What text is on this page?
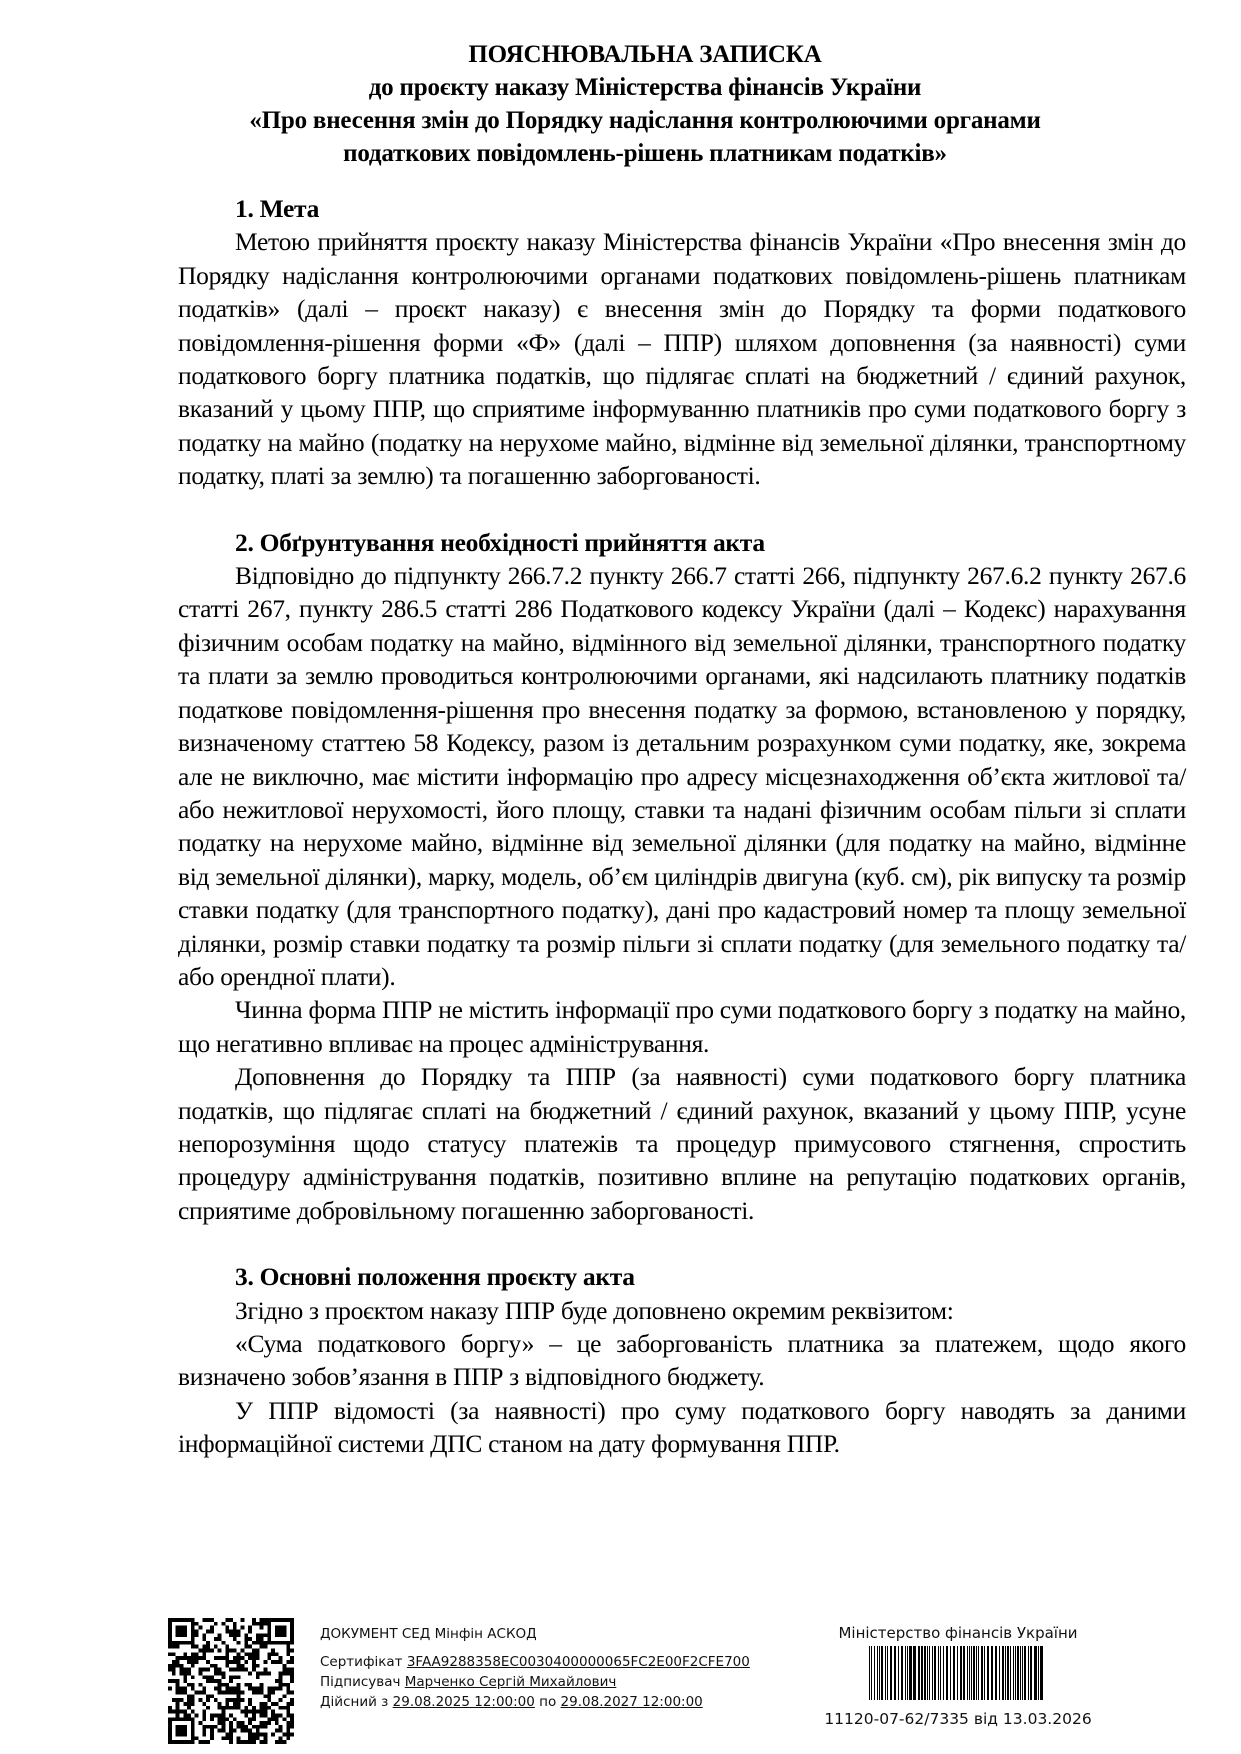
ПОЯСНЮВАЛЬНА ЗАПИСКА
до проєкту наказу Міністерства фінансів України
«Про внесення змін до Порядку надіслання контролюючими органами
податкових повідомлень-рішень платникам податків»

1. Мета

Метою прийняття проєкту наказу Міністерства фінансів України «Про внесення змін до Порядку надіслання контролюючими органами податкових повідомлень-рішень платникам податків» (далі – проєкт наказу) є внесення змін до Порядку та форми податкового повідомлення-рішення форми «Ф» (далі – ППР) шляхом доповнення (за наявності) суми податкового боргу платника податків, що підлягає сплаті на бюджетний / єдиний рахунок, вказаний у цьому ППР, що сприятиме інформуванню платників про суми податкового боргу з податку на майно (податку на нерухоме майно, відмінне від земельної ділянки, транспортному податку, платі за землю) та погашенню заборгованості.

2. Обґрунтування необхідності прийняття акта

Відповідно до підпункту 266.7.2 пункту 266.7 статті 266, підпункту 267.6.2 пункту 267.6 статті 267, пункту 286.5 статті 286 Податкового кодексу України (далі – Кодекс) нарахування фізичним особам податку на майно, відмінного від земельної ділянки, транспортного податку та плати за землю проводиться контролюючими органами, які надсилають платнику податків податкове повідомлення-рішення про внесення податку за формою, встановленою у порядку, визначеному статтею 58 Кодексу, разом із детальним розрахунком суми податку, яке, зокрема але не виключно, має містити інформацію про адресу місцезнаходження об’єкта житлової та/або нежитлової нерухомості, його площу, ставки та надані фізичним особам пільги зі сплати податку на нерухоме майно, відмінне від земельної ділянки (для податку на майно, відмінне від земельної ділянки), марку, модель, об’єм циліндрів двигуна (куб. см), рік випуску та розмір ставки податку (для транспортного податку), дані про кадастровий номер та площу земельної ділянки, розмір ставки податку та розмір пільги зі сплати податку (для земельного податку та/або орендної плати).

Чинна форма ППР не містить інформації про суми податкового боргу з податку на майно, що негативно впливає на процес адміністрування.

Доповнення до Порядку та ППР (за наявності) суми податкового боргу платника податків, що підлягає сплаті на бюджетний / єдиний рахунок, вказаний у цьому ППР, усуне непорозуміння щодо статусу платежів та процедур примусового стягнення, спростить процедуру адміністрування податків, позитивно вплине на репутацію податкових органів, сприятиме добровільному погашенню заборгованості.

3. Основні положення проєкту акта

Згідно з проєктом наказу ППР буде доповнено окремим реквізитом:

«Сума податкового боргу» – це заборгованість платника за платежем, щодо якого визначено зобов’язання в ППР з відповідного бюджету.

У ППР відомості (за наявності) про суму податкового боргу наводять за даними інформаційної системи ДПС станом на дату формування ППР.

ДОКУМЕНТ СЕД Мінфін АСКОД
Сертифікат 3FAA9288358EC0030400000065FC2E00F2CFE700
Підписувач Марченко Сергій Михайлович
Дійсний з 29.08.2025 12:00:00 по 29.08.2027 12:00:00
Міністерство фінансів України
11120-07-62/7335 від 13.03.2026
